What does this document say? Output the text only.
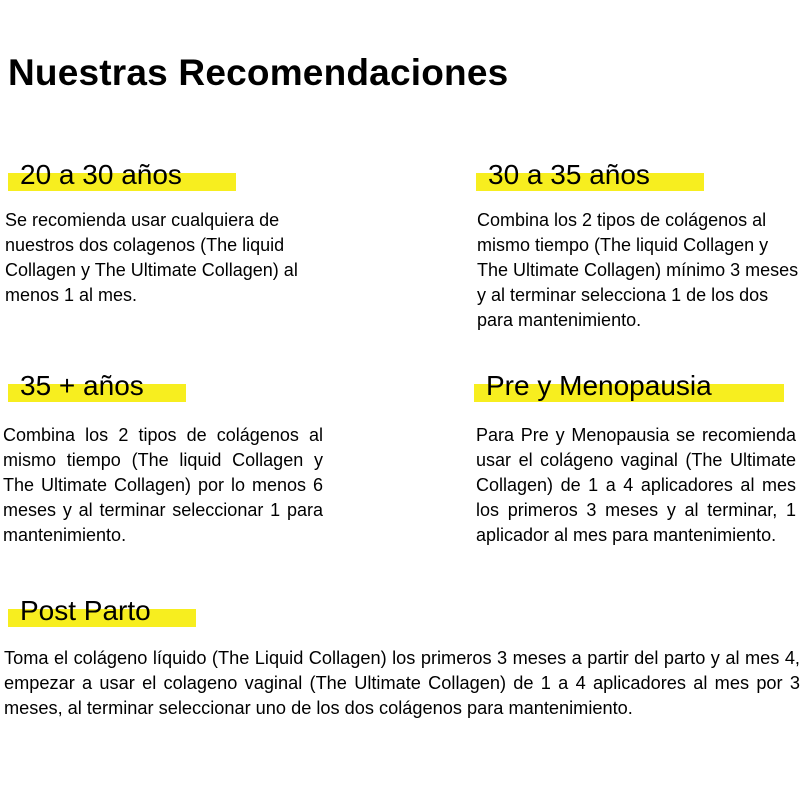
Nuestras Recomendaciones
20 a 30 años

Se recomienda usar cualquiera de nuestros dos colagenos (The liquid Collagen y The Ultimate Collagen) al menos 1 al mes.

30 a 35 años

Combina los 2 tipos de colágenos al mismo tiempo (The liquid Collagen y The Ultimate Collagen) mínimo 3 meses y al terminar selecciona 1 de los dos para mantenimiento.

35 + años

Combina los 2 tipos de colágenos al mismo tiempo (The liquid Collagen y The Ultimate Collagen) por lo menos 6 meses y al terminar seleccionar 1 para mantenimiento.

Pre y Menopausia

Para Pre y Menopausia se recomienda usar el colágeno vaginal (The Ultimate Collagen) de 1 a 4 aplicadores al mes los primeros 3 meses y al terminar, 1 aplicador al mes para mantenimiento.

Post Parto

Toma el colágeno líquido (The Liquid Collagen) los primeros 3 meses a partir del parto y al mes 4, empezar a usar el colageno vaginal (The Ultimate Collagen) de 1 a 4 aplicadores al mes por 3 meses, al terminar seleccionar uno de los dos colágenos para mantenimiento.
